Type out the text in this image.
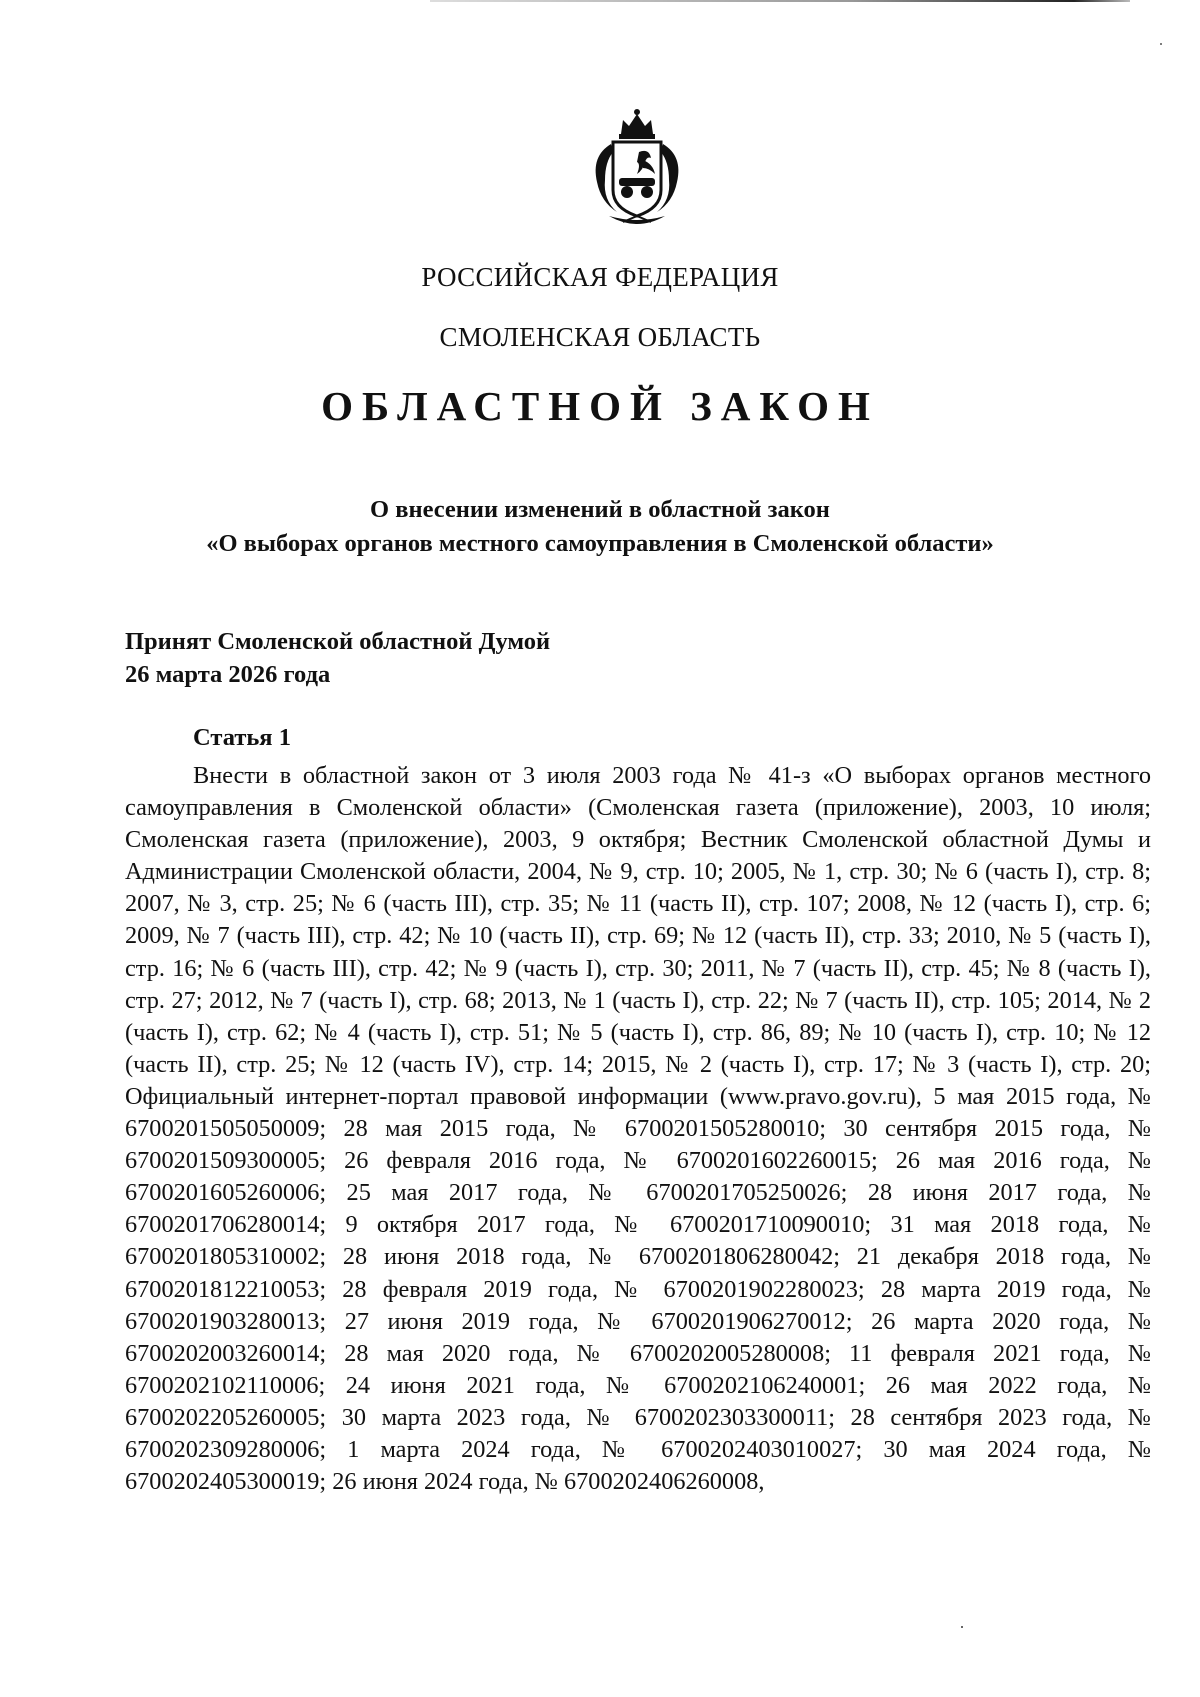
РОССИЙСКАЯ ФЕДЕРАЦИЯ
СМОЛЕНСКАЯ ОБЛАСТЬ
ОБЛАСТНОЙ ЗАКОН
О внесении изменений в областной закон
«О выборах органов местного самоуправления в Смоленской области»
Принят Смоленской областной Думой
26 марта 2026 года
Статья 1
Внести в областной закон от 3 июля 2003 года № 41-з «О выборах органов местного самоуправления в Смоленской области» (Смоленская газета (приложение), 2003, 10 июля; Смоленская газета (приложение), 2003, 9 октября; Вестник Смоленской областной Думы и Администрации Смоленской области, 2004, № 9, стр. 10; 2005, № 1, стр. 30; № 6 (часть I), стр. 8; 2007, № 3, стр. 25; № 6 (часть III), стр. 35; № 11 (часть II), стр. 107; 2008, № 12 (часть I), стр. 6; 2009, № 7 (часть III), стр. 42; № 10 (часть II), стр. 69; № 12 (часть II), стр. 33; 2010, № 5 (часть I), стр. 16; № 6 (часть III), стр. 42; № 9 (часть I), стр. 30; 2011, № 7 (часть II), стр. 45; № 8 (часть I), стр. 27; 2012, № 7 (часть I), стр. 68; 2013, № 1 (часть I), стр. 22; № 7 (часть II), стр. 105; 2014, № 2 (часть I), стр. 62; № 4 (часть I), стр. 51; № 5 (часть I), стр. 86, 89; № 10 (часть I), стр. 10; № 12 (часть II), стр. 25; № 12 (часть IV), стр. 14; 2015, № 2 (часть I), стр. 17; № 3 (часть I), стр. 20; Официальный интернет-портал правовой информации (www.pravo.gov.ru), 5 мая 2015 года, № 6700201505050009; 28 мая 2015 года, № 6700201505280010; 30 сентября 2015 года, № 6700201509300005; 26 февраля 2016 года, № 6700201602260015; 26 мая 2016 года, № 6700201605260006; 25 мая 2017 года, № 6700201705250026; 28 июня 2017 года, № 6700201706280014; 9 октября 2017 года, № 6700201710090010; 31 мая 2018 года, № 6700201805310002; 28 июня 2018 года, № 6700201806280042; 21 декабря 2018 года, № 6700201812210053; 28 февраля 2019 года, № 6700201902280023; 28 марта 2019 года, № 6700201903280013; 27 июня 2019 года, № 6700201906270012; 26 марта 2020 года, № 6700202003260014; 28 мая 2020 года, № 6700202005280008; 11 февраля 2021 года, № 6700202102110006; 24 июня 2021 года, № 6700202106240001; 26 мая 2022 года, № 6700202205260005; 30 марта 2023 года, № 6700202303300011; 28 сентября 2023 года, № 6700202309280006; 1 марта 2024 года, № 6700202403010027; 30 мая 2024 года, № 6700202405300019; 26 июня 2024 года, № 6700202406260008,
